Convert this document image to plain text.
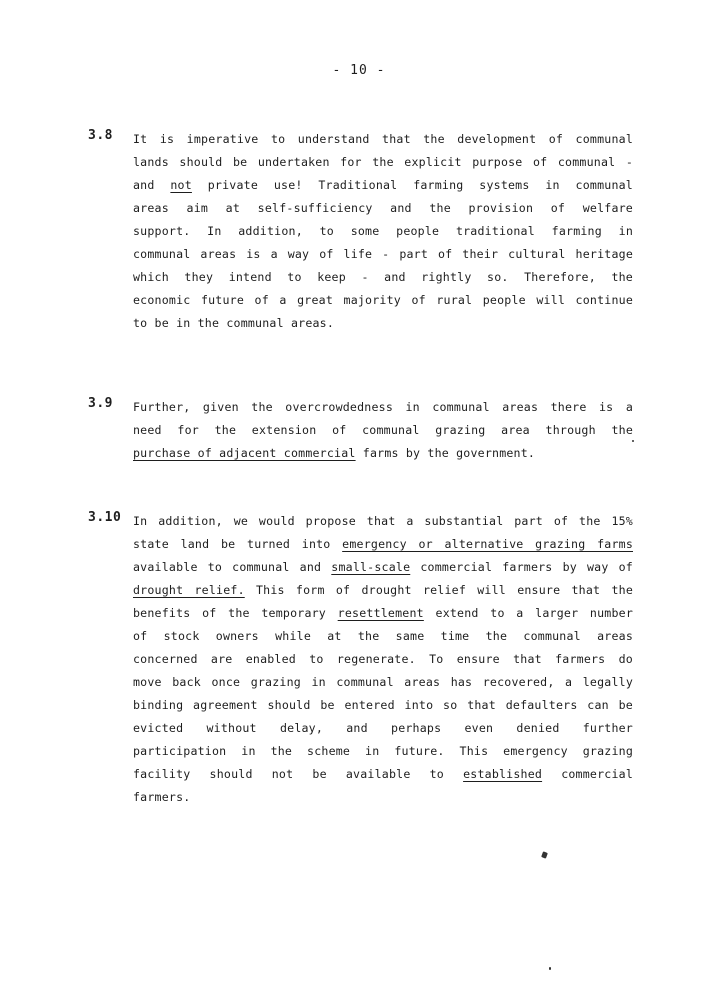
- 10 -
3.8 It is imperative to understand that the development of communal
lands should be undertaken for the explicit purpose of communal -
and not private use! Traditional farming systems in communal
areas aim at self-sufficiency and the provision of welfare
support. In addition, to some people traditional farming in
communal areas is a way of life - part of their cultural heritage
which they intend to keep - and rightly so. Therefore, the
economic future of a great majority of rural people will continue
to be in the communal areas.
3.9 Further, given the overcrowdedness in communal areas there is a
need for the extension of communal grazing area through the
purchase of adjacent commercial farms by the government.
3.10 In addition, we would propose that a substantial part of the 15%
state land be turned into emergency or alternative grazing farms
available to communal and small-scale commercial farmers by way of
drought relief. This form of drought relief will ensure that the
benefits of the temporary resettlement extend to a larger number
of stock owners while at the same time the communal areas
concerned are enabled to regenerate. To ensure that farmers do
move back once grazing in communal areas has recovered, a legally
binding agreement should be entered into so that defaulters can be
evicted without delay, and perhaps even denied further
participation in the scheme in future. This emergency grazing
facility should not be available to established commercial
farmers.
